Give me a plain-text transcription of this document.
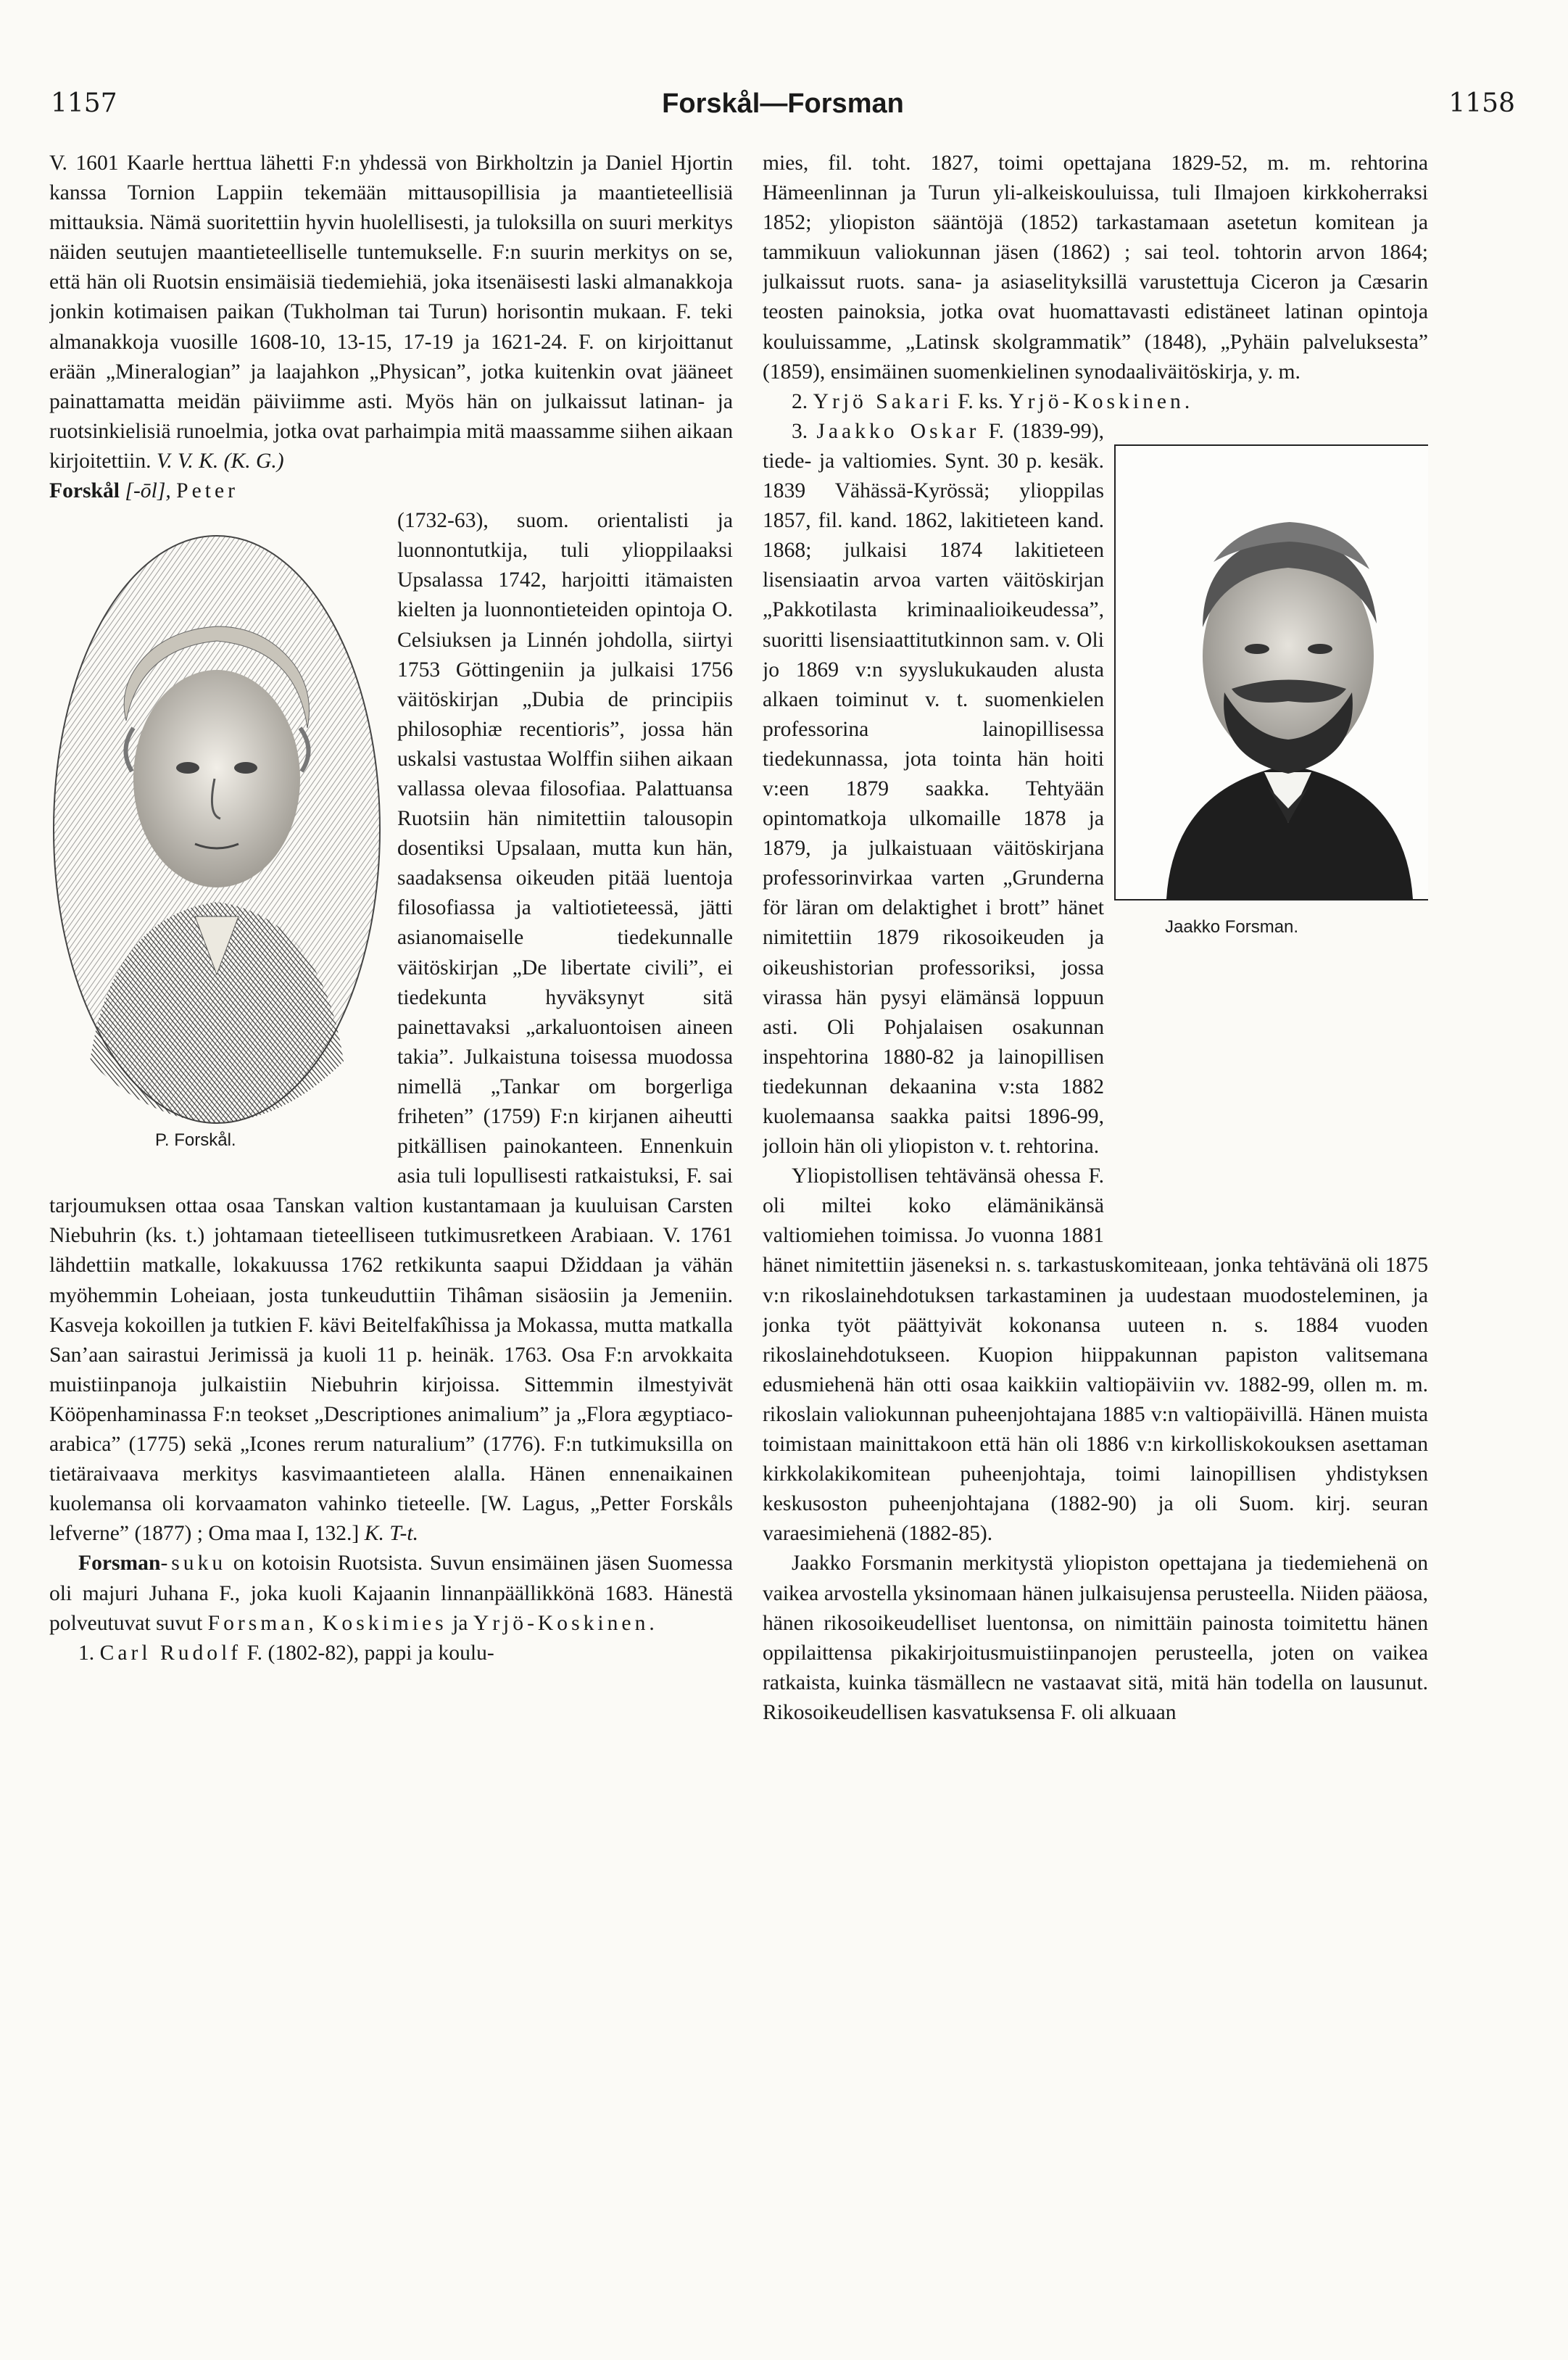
1157	Forskål—Forsman	1158

V. 1601 Kaarle herttua lähetti F:n yhdessä von Birkholtzin ja Daniel Hjortin kanssa Tornion Lappiin tekemään mittausopillisia ja maantieteellisiä mittauksia. Nämä suoritettiin hyvin huolellisesti, ja tuloksilla on suuri merkitys näiden seutujen maantieteelliselle tuntemukselle. F:n suurin merkitys on se, että hän oli Ruotsin ensimäisiä tiedemiehiä, joka itsenäisesti laski almanakkoja jonkin kotimaisen paikan (Tukholman tai Turun) horisontin mukaan. F. teki almanakkoja vuosille 1608-10, 13-15, 17-19 ja 1621-24. F. on kirjoittanut erään „Mineralogian” ja laajahkon „Physican”, jotka kuitenkin ovat jääneet painattamatta meidän päiviimme asti. Myös hän on julkaissut latinan- ja ruotsinkielisiä runoelmia, jotka ovat parhaimpia mitä maassamme siihen aikaan kirjoitettiin. V. V. K. (K. G.)

Forskål [-ōl], Peter

P. Forskål.

(1732-63), suom. orientalisti ja luonnontutkija, tuli ylioppilaaksi Upsalassa 1742, harjoitti itämaisten kielten ja luonnontieteiden opintoja O. Celsiuksen ja Linnén johdolla, siirtyi 1753 Göttingeniin ja julkaisi 1756 väitöskirjan „Dubia de principiis philosophiæ recentioris”, jossa hän uskalsi vastustaa Wolffin siihen aikaan vallassa olevaa filosofiaa. Palattuansa Ruotsiin hän nimitettiin talousopin dosentiksi Upsalaan, mutta kun hän, saadaksensa oikeuden pitää luentoja filosofiassa ja valtiotieteessä, jätti asianomaiselle tiedekunnalle väitöskirjan „De libertate civili”, ei tiedekunta hyväksynyt sitä painettavaksi „arkaluontoisen aineen takia”. Julkaistuna toisessa muodossa nimellä „Tankar om borgerliga friheten” (1759) F:n kirjanen aiheutti pitkällisen painokanteen. Ennenkuin asia tuli lopullisesti ratkaistuksi, F. sai tarjoumuksen ottaa osaa Tanskan valtion kustantamaan ja kuuluisan Carsten Niebuhrin (ks. t.) johtamaan tieteelliseen tutkimusretkeen Arabiaan. V. 1761 lähdettiin matkalle, lokakuussa 1762 retkikunta saapui Džiddaan ja vähän myöhemmin Loheiaan, josta tunkeuduttiin Tihâman sisäosiin ja Jemeniin. Kasveja kokoillen ja tutkien F. kävi Beitelfakîhissa ja Mokassa, mutta matkalla San’aan sairastui Jerimissä ja kuoli 11 p. heinäk. 1763. Osa F:n arvokkaita muistiinpanoja julkaistiin Niebuhrin kirjoissa. Sittemmin ilmestyivät Kööpenhaminassa F:n teokset „Descriptiones animalium” ja „Flora ægyptiaco-arabica” (1775) sekä „Icones rerum naturalium” (1776). F:n tutkimuksilla on tietäraivaava merkitys kasvimaantieteen alalla. Hänen ennenaikainen kuolemansa oli korvaamaton vahinko tieteelle. [W. Lagus, „Petter Forskåls lefverne” (1877) ; Oma maa I, 132.] K. T-t.

Forsman-suku on kotoisin Ruotsista. Suvun ensimäinen jäsen Suomessa oli majuri Juhana F., joka kuoli Kajaanin linnanpäällikkönä 1683. Hänestä polveutuvat suvut Forsman, Koskimies ja Yrjö-Koskinen.

1. Carl Rudolf F. (1802-82), pappi ja koulu-

mies, fil. toht. 1827, toimi opettajana 1829-52, m. m. rehtorina Hämeenlinnan ja Turun yli-alkeiskouluissa, tuli Ilmajoen kirkkoherraksi 1852; yliopiston sääntöjä (1852) tarkastamaan asetetun komitean ja tammikuun valiokunnan jäsen (1862) ; sai teol. tohtorin arvon 1864; julkaissut ruots. sana- ja asiaselityksillä varustettuja Ciceron ja Cæsarin teosten painoksia, jotka ovat huomattavasti edistäneet latinan opintoja kouluissamme, „Latinsk skolgrammatik” (1848), „Pyhäin palveluksesta” (1859), ensimäinen suomenkielinen synodaaliväitöskirja, y. m.

2. Yrjö Sakari F. ks. Yrjö-Koskinen.

Jaakko Forsman.

3. Jaakko Oskar F. (1839-99), tiede- ja valtiomies. Synt. 30 p. kesäk. 1839 Vähässä-Kyrössä; ylioppilas 1857, fil. kand. 1862, lakitieteen kand. 1868; julkaisi 1874 lakitieteen lisensiaatin arvoa varten väitöskirjan „Pakkotilasta kriminaalioikeudessa”, suoritti lisensiaattitutkinnon sam. v. Oli jo 1869 v:n syyslukukauden alusta alkaen toiminut v. t. suomenkielen professorina lainopillisessa tiedekunnassa, jota tointa hän hoiti v:een 1879 saakka. Tehtyään opintomatkoja ulkomaille 1878 ja 1879, ja julkaistuaan väitöskirjana professorinvirkaa varten „Grunderna för läran om delaktighet i brott” hänet nimitettiin 1879 rikosoikeuden ja oikeushistorian professoriksi, jossa virassa hän pysyi elämänsä loppuun asti. Oli Pohjalaisen osakunnan inspehtorina 1880-82 ja lainopillisen tiedekunnan dekaanina v:sta 1882 kuolemaansa saakka paitsi 1896-99, jolloin hän oli yliopiston v. t. rehtorina.

Yliopistollisen tehtävänsä ohessa F. oli miltei koko elämänikänsä valtiomiehen toimissa. Jo vuonna 1881 hänet nimitettiin jäseneksi n. s. tarkastuskomiteaan, jonka tehtävänä oli 1875 v:n rikoslainehdotuksen tarkastaminen ja uudestaan muodosteleminen, ja jonka työt päättyivät kokonansa uuteen n. s. 1884 vuoden rikoslainehdotukseen. Kuopion hiippakunnan papiston valitsemana edusmiehenä hän otti osaa kaikkiin valtiopäiviin vv. 1882-99, ollen m. m. rikoslain valiokunnan puheenjohtajana 1885 v:n valtiopäivillä. Hänen muista toimistaan mainittakoon että hän oli 1886 v:n kirkolliskokouksen asettaman kirkkolakikomitean puheenjohtaja, toimi lainopillisen yhdistyksen keskusoston puheenjohtajana (1882-90) ja oli Suom. kirj. seuran varaesimiehenä (1882-85).

Jaakko Forsmanin merkitystä yliopiston opettajana ja tiedemiehenä on vaikea arvostella yksinomaan hänen julkaisujensa perusteella. Niiden pääosa, hänen rikosoikeudelliset luentonsa, on nimittäin painosta toimitettu hänen oppilaittensa pikakirjoitusmuistiinpanojen perusteella, joten on vaikea ratkaista, kuinka täsmällecn ne vastaavat sitä, mitä hän todella on lausunut. Rikosoikeudellisen kasvatuksensa F. oli alkuaan
